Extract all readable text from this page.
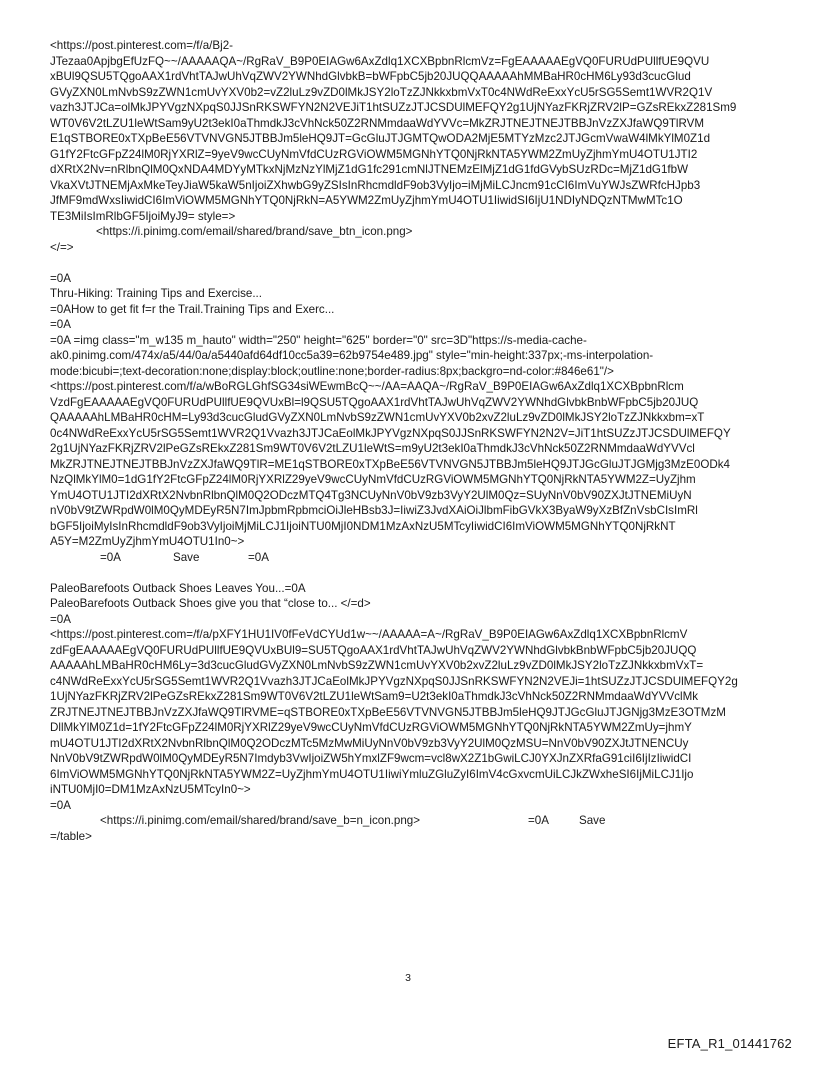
<https://post.pinterest.com=/f/a/Bj2-
JTezaa0ApjbgEfUzFQ~~/AAAAAQA~/RgRaV_B9P0EIAGw6AxZdlq1XCXBpbnRlcmVz=FgEAAAAAEgVQ0FURUdPUllfUE9QVU
xBUl9QSU5TQgoAAX1rdVhtTAJwUhVqZWV2YWNhdGlvbkB=bWFpbC5jb20JUQQAAAAAhMMBaHR0cHM6Ly93d3cucGlud
GVyZXN0LmNvbS9zZWN1cmUvYXV0b2=vZ2luLz9vZD0lMkJSY2loTzZJNkkxbmVxT0c4NWdReExxYcU5rSG5Semt1WVR2Q1V
vazh3JTJCa=olMkJPYVgzNXpqS0JJSnRKSWFYN2N2VEJiT1htSUZzJTJCSDUlMEFQY2g1UjNYazFKRjZRV2lP=GZsREkxZ281Sm9
WT0V6V2tLZU1leWtSam9yU2t3ekI0aThmdkJ3cVhNck50Z2RNMmdaaWdYVVc=MkZRJTNEJTNEJTBBJnVzZXJfaWQ9TlRVM
E1qSTBORE0xTXpBeE56VTVNVGN5JTBBJm5leHQ9JT=GcGluJTJGMTQwODA2MjE5MTYzMzc2JTJGcmVwaW4lMkYlM0Z1d
G1fY2FtcGFpZ24lM0RjYXRlZ=9yeV9wcCUyNmVfdCUzRGViOWM5MGNhYTQ0NjRkNTA5YWM2ZmUyZjhmYmU4OTU1JTI2
dXRtX2Nv=nRlbnQlM0QxNDA4MDYyMTkxNjMzNzYlMjZ1dG1fc291cmNlJTNEMzElMjZ1dG1fdGVybSUzRDc=MjZ1dG1fbW
VkaXVtJTNEMjAxMkeTeyJiaW5kaW5nIjoiZXhwbG9yZSIsInRhcmdldF9ob3VyIjo=iMjMiLCJncm91cCI6ImVuYWJsZWRfcHJpb3
JfMF9mdWxsIiwidCI6ImViOWM5MGNhYTQ0NjRkN=A5YWM2ZmUyZjhmYmU4OTU1IiwidSI6IjU1NDIyNDQzNTMwMTc1O
TE3MiIsImRlbGF5IjoiMyJ9= style=>
<https://i.pinimg.com/email/shared/brand/save_btn_icon.png>
</=>
=0A
Thru-Hiking: Training Tips and Exercise...
=0AHow to get fit f=r the Trail.Training Tips and Exerc...
=0A
=0A =img class="m_w135 m_hauto" width="250" height="625" border="0" src=3D"https://s-media-cache-
ak0.pinimg.com/474x/a5/44/0a/a5440afd64df10cc5a39=62b9754e489.jpg" style="min-height:337px;-ms-interpolation-
mode:bicubi=;text-decoration:none;display:block;outline:none;border-radius:8px;backgro=nd-color:#846e61"/>
<https://post.pinterest.com/f/a/wBoRGLGhfSG34siWEwmBcQ~~/AA=AAQA~/RgRaV_B9P0EIAGw6AxZdlq1XCXBpbnRlcm
VzdFgEAAAAAEgVQ0FURUdPUllfUE9QVUxBl=l9QSU5TQgoAAX1rdVhtTAJwUhVqZWV2YWNhdGlvbkBnbWFpbC5jb20JUQ
QAAAAAhLMBaHR0cHM=Ly93d3cucGludGVyZXN0LmNvbS9zZWN1cmUvYXV0b2xvZ2luLz9vZD0lMkJSY2loTzZJNkkxbm=xT
0c4NWdReExxYcU5rSG5Semt1WVR2Q1Vvazh3JTJCaEolMkJPYVgzNXpqS0JJSnRKSWFYN2N2V=JiT1htSUZzJTJCSDUlMEFQY
2g1UjNYazFKRjZRV2lPeGZsREkxZ281Sm9WT0V6V2tLZU1leWtS=m9yU2t3ekI0aThmdkJ3cVhNck50Z2RNMmdaaWdYVVcl
MkZRJTNEJTNEJTBBJnVzZXJfaWQ9TlR=ME1qSTBORE0xTXpBeE56VTVNVGN5JTBBJm5leHQ9JTJGcGluJTJGMjg3MzE0ODk4
NzQlMkYlM0=1dG1fY2FtcGFpZ24lM0RjYXRlZ29yeV9wcCUyNmVfdCUzRGViOWM5MGNhYTQ0NjRkNTA5YWM2Z=UyZjhm
YmU4OTU1JTI2dXRtX2NvbnRlbnQlM0Q2ODczMTQ4Tg3NCUyNnV0bV9zb3VyY2UlM0Qz=SUyNnV0bV90ZXJtJTNEMiUyN
nV0bV9tZWRpdW0lM0QyMDEyR5N7ImJpbmRpbmciOiJleHBsb3J=IiwiZ3JvdXAiOiJlbmFibGVkX3ByaW9yXzBfZnVsbCIsImRl
bGF5IjoiMyIsInRhcmdldF9ob3VyIjoiMjMiLCJ1IjoiNTU0MjI0NDM1MzAxNzU5MTcyIiwidCI6ImViOWM5MGNhYTQ0NjRkNT
A5Y=M2ZmUyZjhmYmU4OTU1In0~>
=0A	Save	=0A
PaleoBarefoots Outback Shoes Leaves You...=0A
PaleoBarefoots Outback Shoes give you that “close to... </=d>
=0A
<https://post.pinterest.com=/f/a/pXFY1HU1IV0fFeVdCYUd1w~~/AAAAA=A~/RgRaV_B9P0EIAGw6AxZdlq1XCXBpbnRlcmV
zdFgEAAAAAEgVQ0FURUdPUllfUE9QVUxBUl9=SU5TQgoAAX1rdVhtTAJwUhVqZWV2YWNhdGlvbkBnbWFpbC5jb20JUQQ
AAAAAhLMBaHR0cHM6Ly=3d3cucGludGVyZXN0LmNvbS9zZWN1cmUvYXV0b2xvZ2luLz9vZD0lMkJSY2loTzZJNkkxbmVxT=
c4NWdReExxYcU5rSG5Semt1WVR2Q1Vvazh3JTJCaEolMkJPYVgzNXpqS0JJSnRKSWFYN2N2VEJi=1htSUZzJTJCSDUlMEFQY2g
1UjNYazFKRjZRV2lPeGZsREkxZ281Sm9WT0V6V2tLZU1leWtSam9=U2t3ekI0aThmdkJ3cVhNck50Z2RNMmdaaWdYVVclMk
ZRJTNEJTNEJTBBJnVzZXJfaWQ9TlRVME=qSTBORE0xTXpBeE56VTVNVGN5JTBBJm5leHQ9JTJGcGluJTJGNjg3MzE3OTMzM
DllMkYlM0Z1d=1fY2FtcGFpZ24lM0RjYXRlZ29yeV9wcCUyNmVfdCUzRGViOWM5MGNhYTQ0NjRkNTA5YWM2ZmUy=jhmY
mU4OTU1JTI2dXRtX2NvbnRlbnQlM0Q2ODczMTc5MzMwMiUyNnV0bV9zb3VyY2UlM0QzMSU=NnV0bV90ZXJtJTNENCUy
NnV0bV9tZWRpdW0lM0QyMDEyR5N7Imdyb3VwIjoiZW5hYmxlZF9wcm=vcl8wX2Z1bGwiLCJ0YXJnZXRfaG91ciI6IjIzIiwidCI
6ImViOWM5MGNhYTQ0NjRkNTA5YWM2Z=UyZjhmYmU4OTU1IiwiYmluZGluZyI6ImV4cGxvcmUiLCJkZWxheSI6IjMiLCJ1Ijo
iNTU0MjI0=DM1MzAxNzU5MTcyIn0~>
=0A
<https://i.pinimg.com/email/shared/brand/save_b=n_icon.png>	=0A	Save
=/table>
3
EFTA_R1_01441762
